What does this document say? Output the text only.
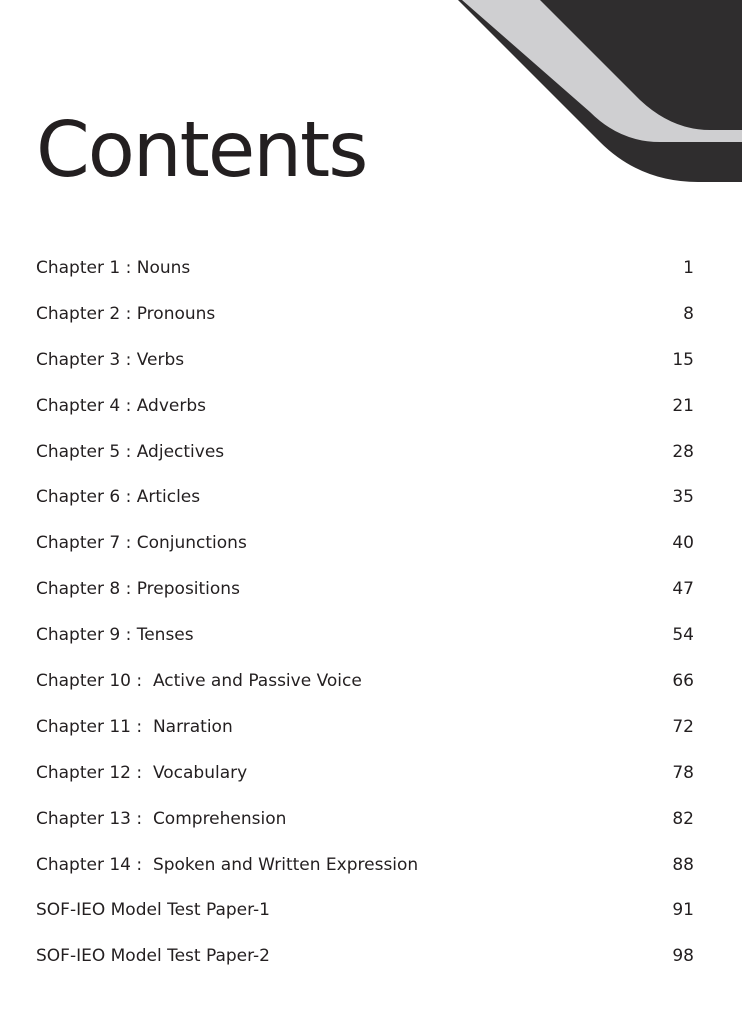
Contents
Chapter 1 : Nouns	1
Chapter 2 : Pronouns	8
Chapter 3 : Verbs	15
Chapter 4 : Adverbs	21
Chapter 5 : Adjectives	28
Chapter 6 : Articles	35
Chapter 7 : Conjunctions	40
Chapter 8 : Prepositions	47
Chapter 9 : Tenses	54
Chapter 10 :  Active and Passive Voice	66
Chapter 11 :  Narration	72
Chapter 12 :  Vocabulary	78
Chapter 13 :  Comprehension	82
Chapter 14 :  Spoken and Written Expression	88
SOF-IEO Model Test Paper-1	91
SOF-IEO Model Test Paper-2	98
